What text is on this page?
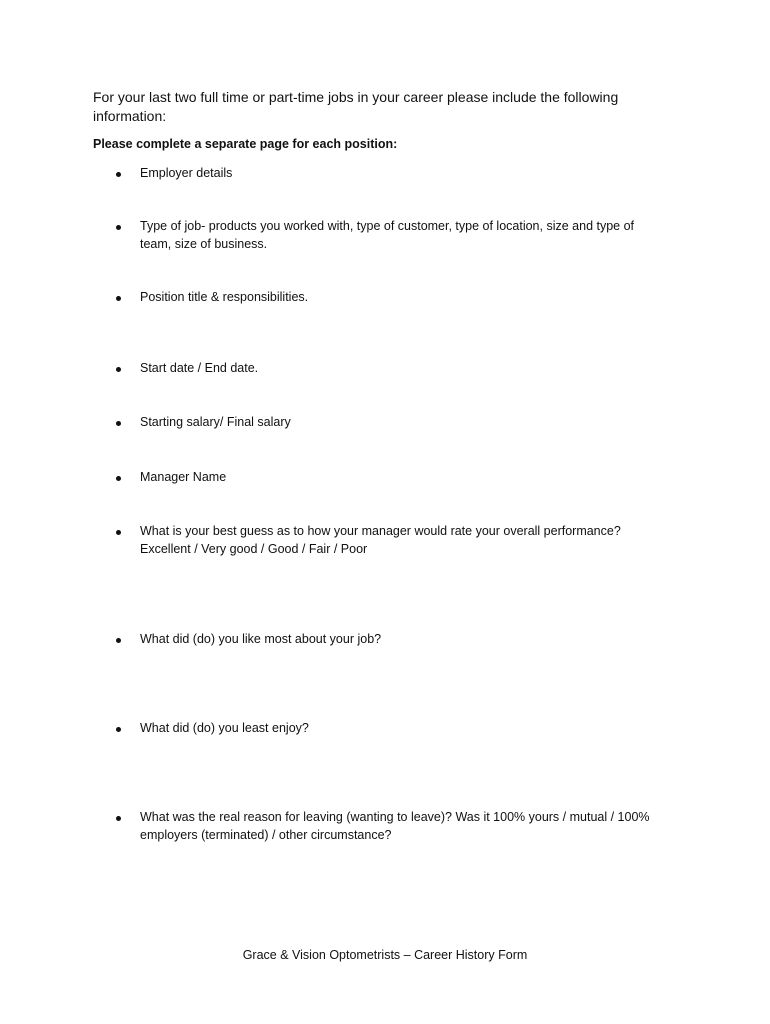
For your last two full time or part-time jobs in your career please include the following information:

Please complete a separate page for each position:

Employer details

Type of job- products you worked with, type of customer, type of location, size and type of
team, size of business.

Position title & responsibilities.

Start date / End date.

Starting salary/ Final salary

Manager Name

What is your best guess as to how your manager would rate your overall performance?
Excellent / Very good / Good / Fair / Poor

What did (do) you like most about your job?

What did (do) you least enjoy?

What was the real reason for leaving (wanting to leave)? Was it 100% yours / mutual / 100%
employers (terminated) / other circumstance?

Grace & Vision Optometrists – Career History Form
